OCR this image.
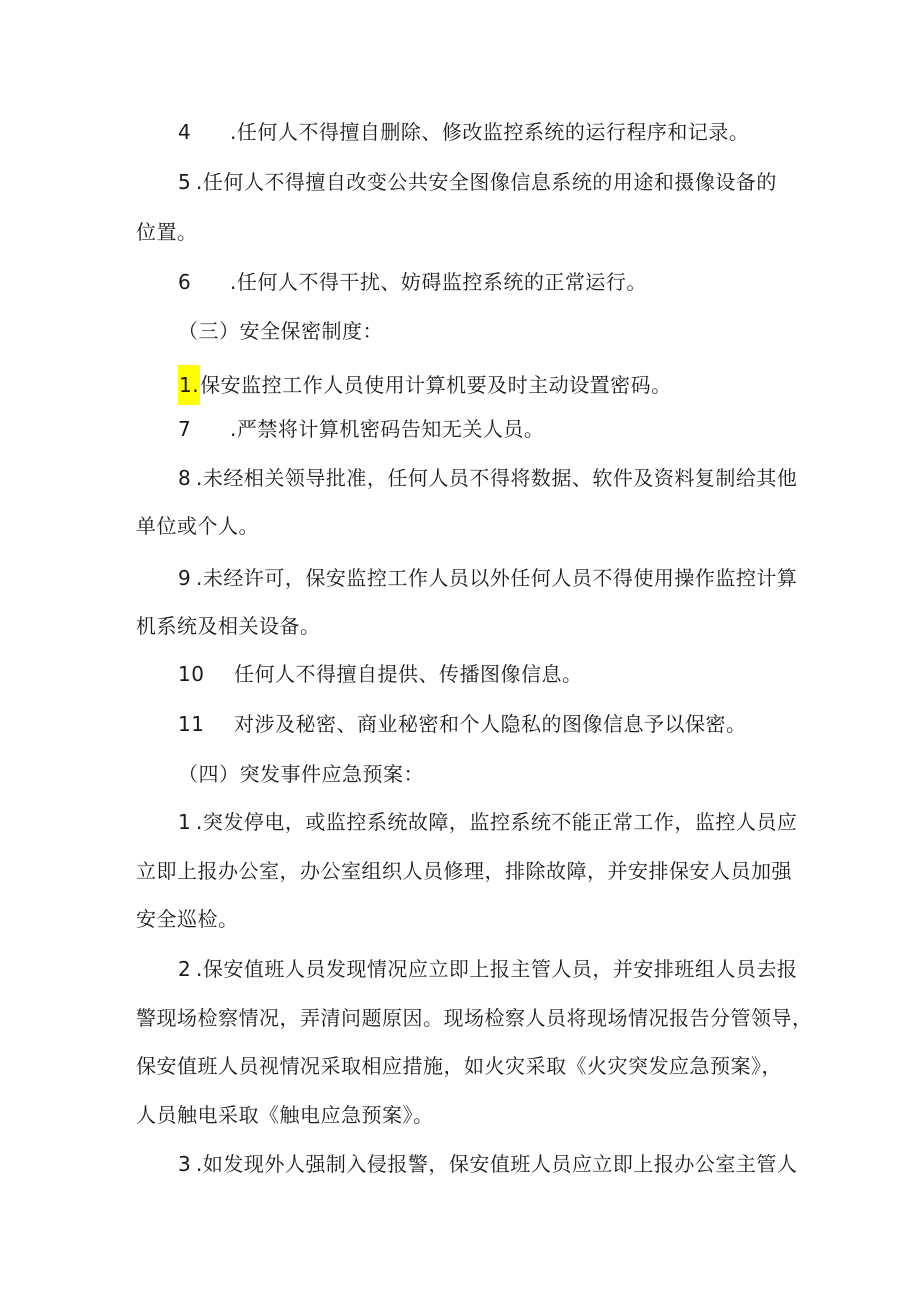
4 .任何人不得擅自删除、修改监控系统的运行程序和记录。
5 .任何人不得擅自改变公共安全图像信息系统的用途和摄像设备的
位置。
6 .任何人不得干扰、妨碍监控系统的正常运行。
（三）安全保密制度：
1.保安监控工作人员使用计算机要及时主动设置密码。
7 .严禁将计算机密码告知无关人员。
8 .未经相关领导批准，任何人员不得将数据、软件及资料复制给其他
单位或个人。
9 .未经许可，保安监控工作人员以外任何人员不得使用操作监控计算
机系统及相关设备。
10 任何人不得擅自提供、传播图像信息。
11 对涉及秘密、商业秘密和个人隐私的图像信息予以保密。
（四）突发事件应急预案：
1 .突发停电，或监控系统故障，监控系统不能正常工作，监控人员应
立即上报办公室，办公室组织人员修理，排除故障，并安排保安人员加强
安全巡检。
2 .保安值班人员发现情况应立即上报主管人员，并安排班组人员去报
警现场检察情况，弄清问题原因。现场检察人员将现场情况报告分管领导，
保安值班人员视情况采取相应措施，如火灾采取《火灾突发应急预案》，
人员触电采取《触电应急预案》。
3 .如发现外人强制入侵报警，保安值班人员应立即上报办公室主管人
